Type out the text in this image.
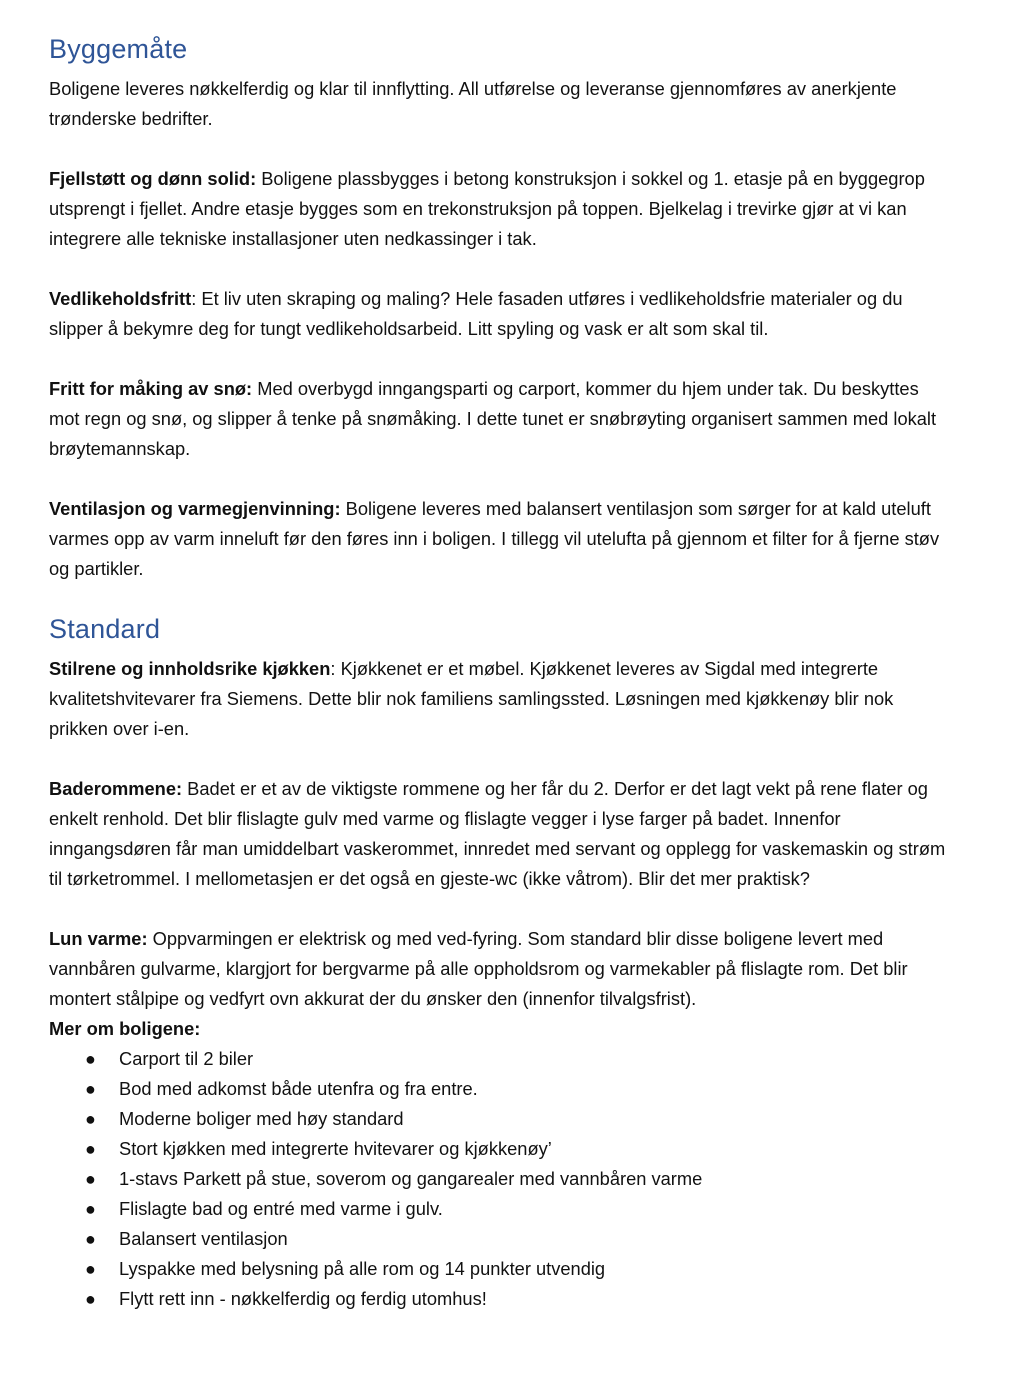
Byggemåte

Boligene leveres nøkkelferdig og klar til innflytting. All utførelse og leveranse gjennomføres av anerkjente trønderske bedrifter.

Fjellstøtt og dønn solid: Boligene plassbygges i betong konstruksjon i sokkel og 1. etasje på en byggegrop utsprengt i fjellet. Andre etasje bygges som en trekonstruksjon på toppen. Bjelkelag i trevirke gjør at vi kan integrere alle tekniske installasjoner uten nedkassinger i tak.

Vedlikeholdsfritt: Et liv uten skraping og maling? Hele fasaden utføres i vedlikeholdsfrie materialer og du slipper å bekymre deg for tungt vedlikeholdsarbeid. Litt spyling og vask er alt som skal til.

Fritt for måking av snø: Med overbygd inngangsparti og carport, kommer du hjem under tak. Du beskyttes mot regn og snø, og slipper å tenke på snømåking. I dette tunet er snøbrøyting organisert sammen med lokalt brøytemannskap.

Ventilasjon og varmegjenvinning: Boligene leveres med balansert ventilasjon som sørger for at kald uteluft varmes opp av varm inneluft før den føres inn i boligen. I tillegg vil utelufta på gjennom et filter for å fjerne støv og partikler.

Standard

Stilrene og innholdsrike kjøkken: Kjøkkenet er et møbel. Kjøkkenet leveres av Sigdal med integrerte kvalitetshvitevarer fra Siemens. Dette blir nok familiens samlingssted. Løsningen med kjøkkenøy blir nok prikken over i-en.

Baderommene: Badet er et av de viktigste rommene og her får du 2. Derfor er det lagt vekt på rene flater og enkelt renhold. Det blir flislagte gulv med varme og flislagte vegger i lyse farger på badet. Innenfor inngangsdøren får man umiddelbart vaskerommet, innredet med servant og opplegg for vaskemaskin og strøm til tørketrommel. I mellometasjen er det også en gjeste-wc (ikke våtrom). Blir det mer praktisk?

Lun varme: Oppvarmingen er elektrisk og med ved-fyring. Som standard blir disse boligene levert med vannbåren gulvarme, klargjort for bergvarme på alle oppholdsrom og varmekabler på flislagte rom. Det blir montert stålpipe og vedfyrt ovn akkurat der du ønsker den (innenfor tilvalgsfrist).

Mer om boligene:

● Carport til 2 biler
● Bod med adkomst både utenfra og fra entre.
● Moderne boliger med høy standard
● Stort kjøkken med integrerte hvitevarer og kjøkkenøy’
● 1-stavs Parkett på stue, soverom og gangarealer med vannbåren varme
● Flislagte bad og entré med varme i gulv.
● Balansert ventilasjon
● Lyspakke med belysning på alle rom og 14 punkter utvendig
● Flytt rett inn - nøkkelferdig og ferdig utomhus!
